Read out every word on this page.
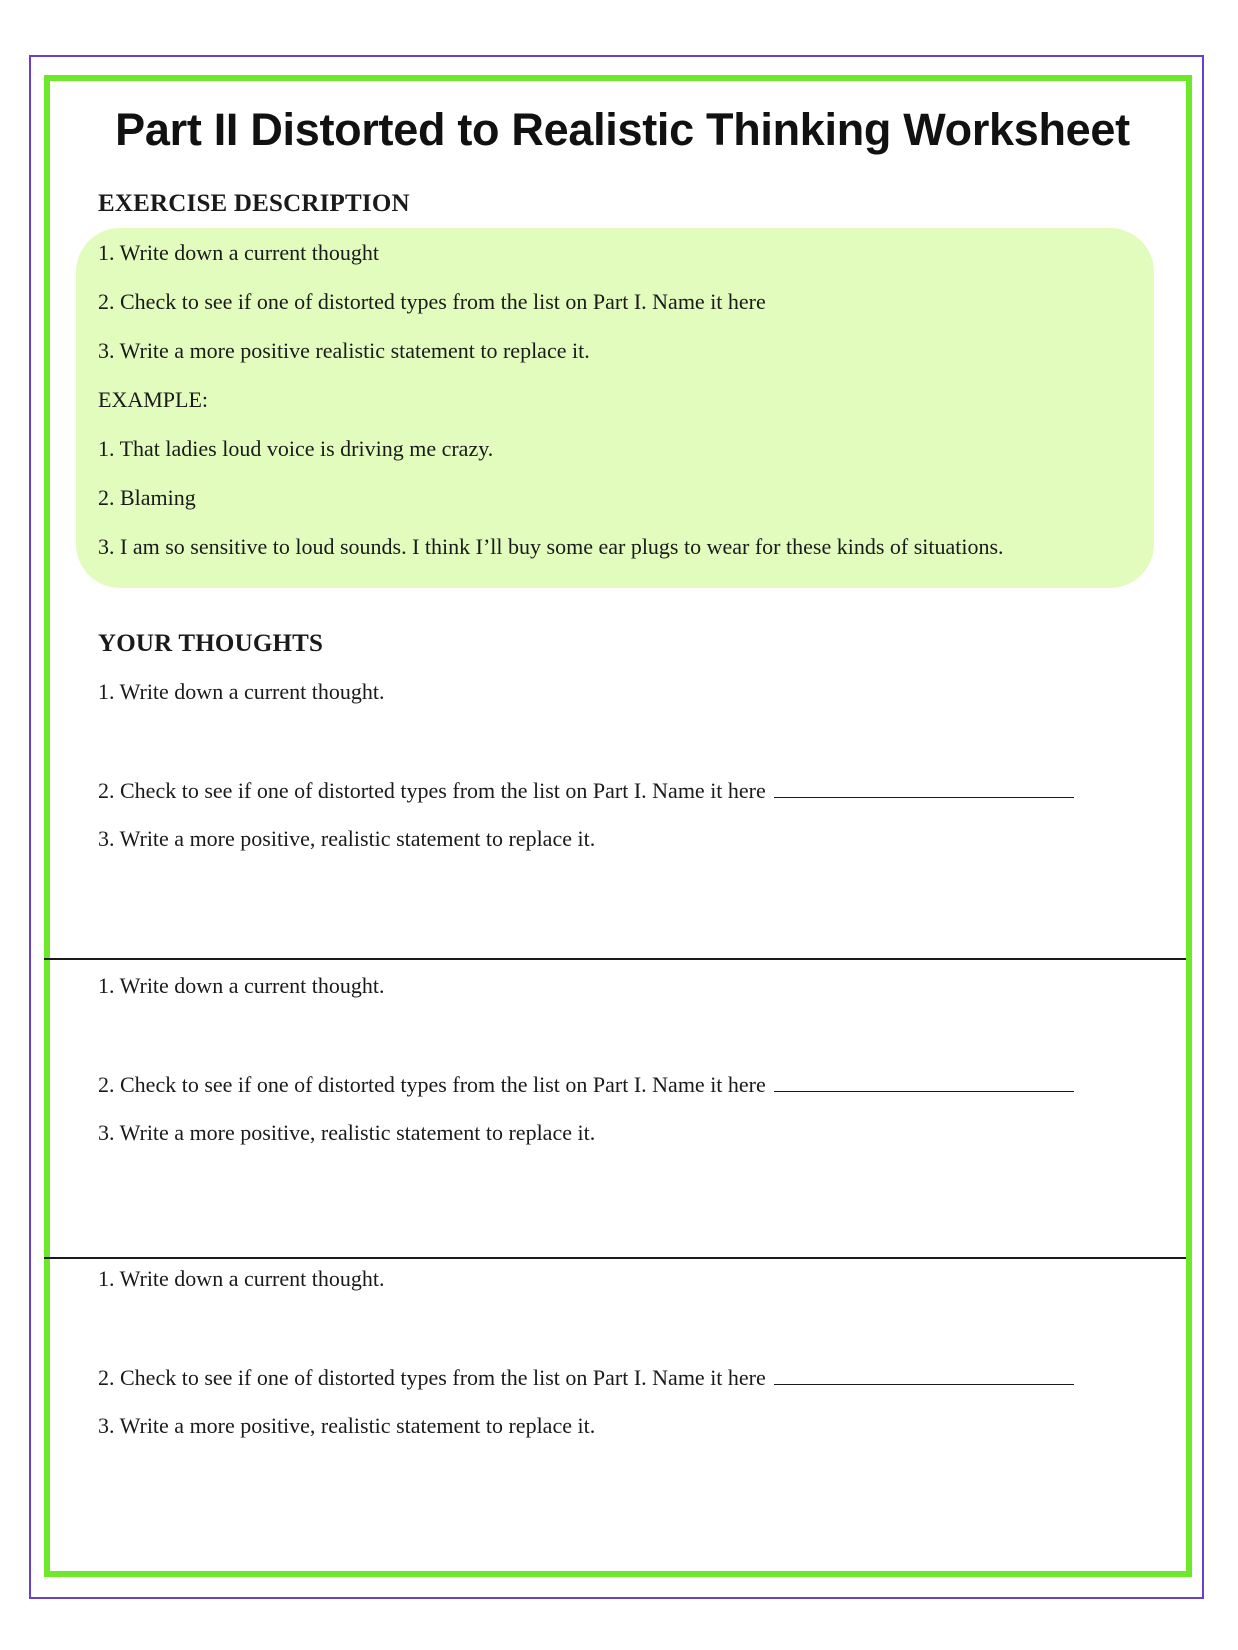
Part II Distorted to Realistic Thinking Worksheet
EXERCISE DESCRIPTION
1. Write down a current thought
2. Check to see if one of distorted types from the list on Part I. Name it here
3. Write a more positive realistic statement to replace it.
EXAMPLE:
1. That ladies loud voice is driving me crazy.
2. Blaming
3. I am so sensitive to loud sounds. I think I’ll buy some ear plugs to wear for these kinds of situations.
YOUR THOUGHTS
1. Write down a current thought.
2. Check to see if one of distorted types from the list on Part I. Name it here
3. Write a more positive, realistic statement to replace it.
1. Write down a current thought.
2. Check to see if one of distorted types from the list on Part I. Name it here
3. Write a more positive, realistic statement to replace it.
1. Write down a current thought.
2. Check to see if one of distorted types from the list on Part I. Name it here
3. Write a more positive, realistic statement to replace it.
